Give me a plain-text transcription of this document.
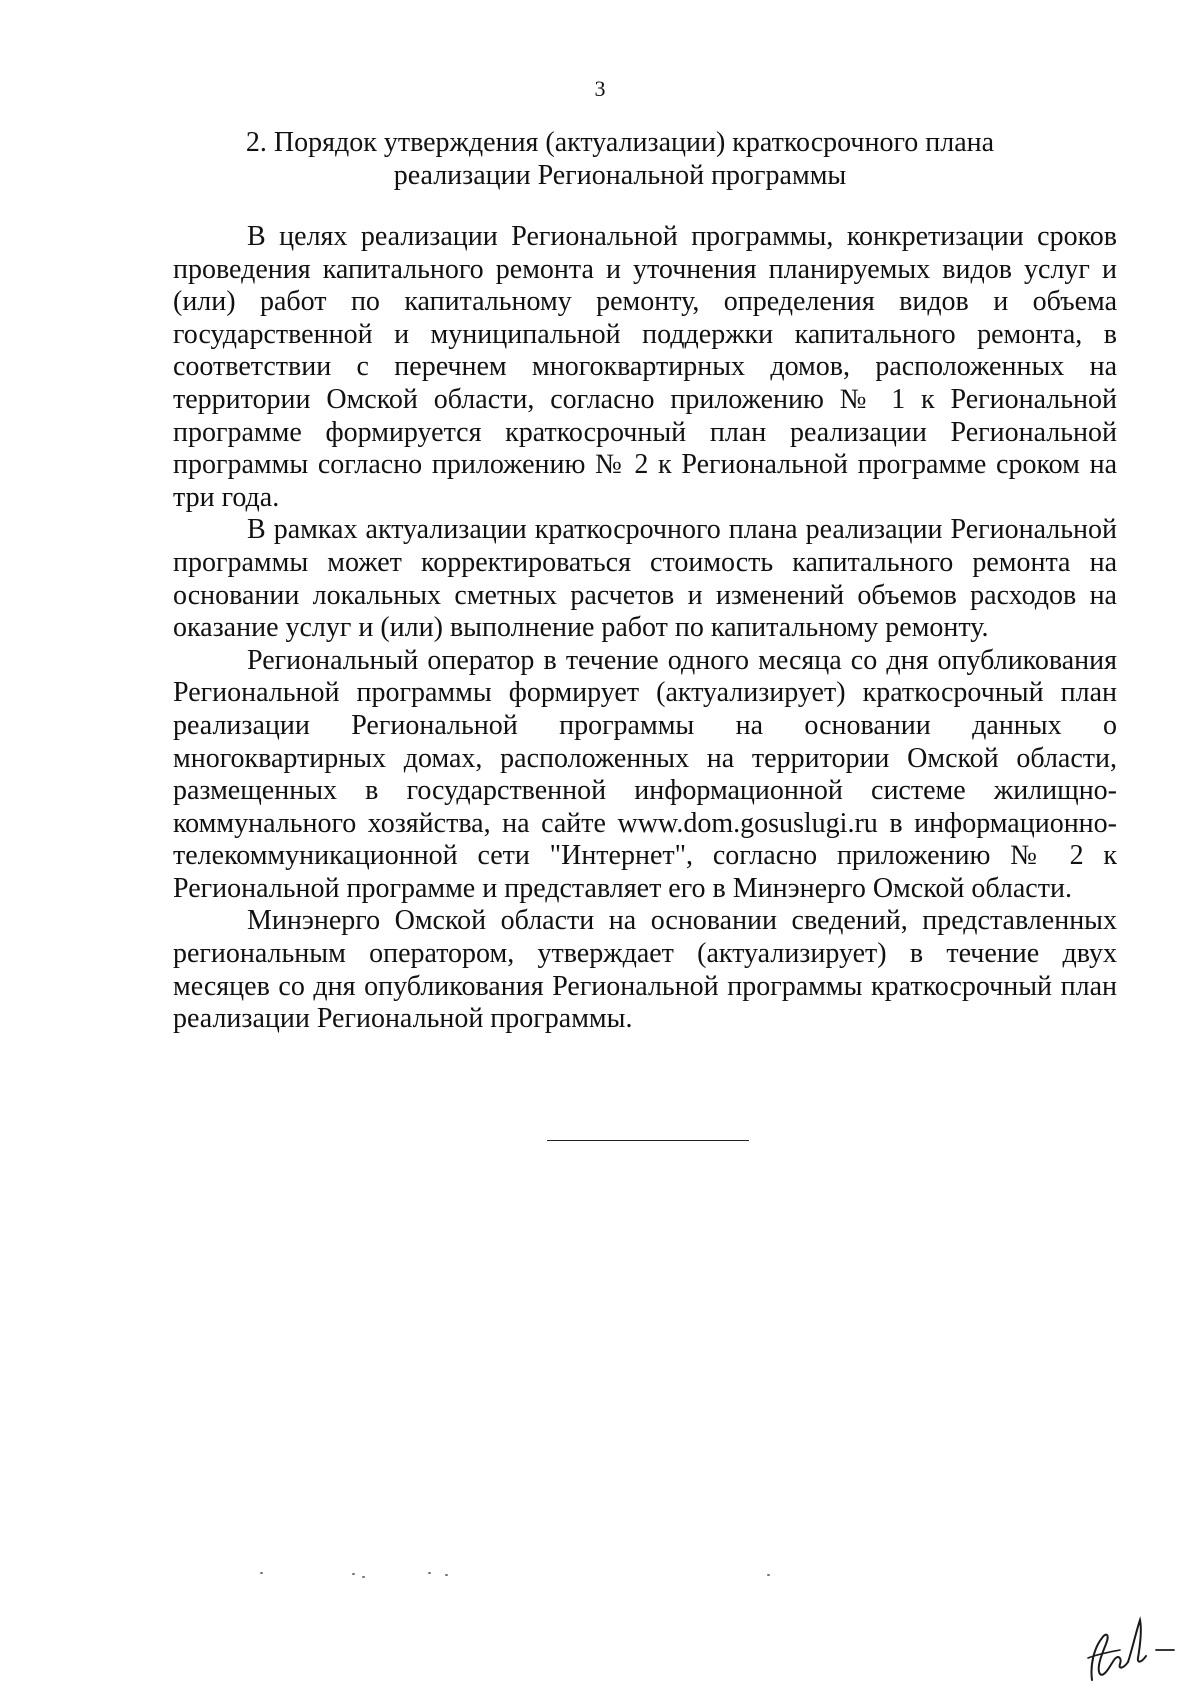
3
2. Порядок утверждения (актуализации) краткосрочного плана
реализации Региональной программы

В целях реализации Региональной программы, конкретизации сроков проведения капитального ремонта и уточнения планируемых видов услуг и (или) работ по капитальному ремонту, определения видов и объема государственной и муниципальной поддержки капитального ремонта, в соответствии с перечнем многоквартирных домов, расположенных на территории Омской области, согласно приложению № 1 к Региональной программе формируется краткосрочный план реализации Региональной программы согласно приложению № 2 к Региональной программе сроком на три года.

В рамках актуализации краткосрочного плана реализации Региональной программы может корректироваться стоимость капитального ремонта на основании локальных сметных расчетов и изменений объемов расходов на оказание услуг и (или) выполнение работ по капитальному ремонту.

Региональный оператор в течение одного месяца со дня опубликования Региональной программы формирует (актуализирует) краткосрочный план реализации Региональной программы на основании данных о многоквартирных домах, расположенных на территории Омской области, размещенных в государственной информационной системе жилищно-коммунального хозяйства, на сайте www.dom.gosuslugi.ru в информационно-телекоммуникационной сети "Интернет", согласно приложению № 2 к Региональной программе и представляет его в Минэнерго Омской области.

Минэнерго Омской области на основании сведений, представленных региональным оператором, утверждает (актуализирует) в течение двух месяцев со дня опубликования Региональной программы краткосрочный план реализации Региональной программы.
